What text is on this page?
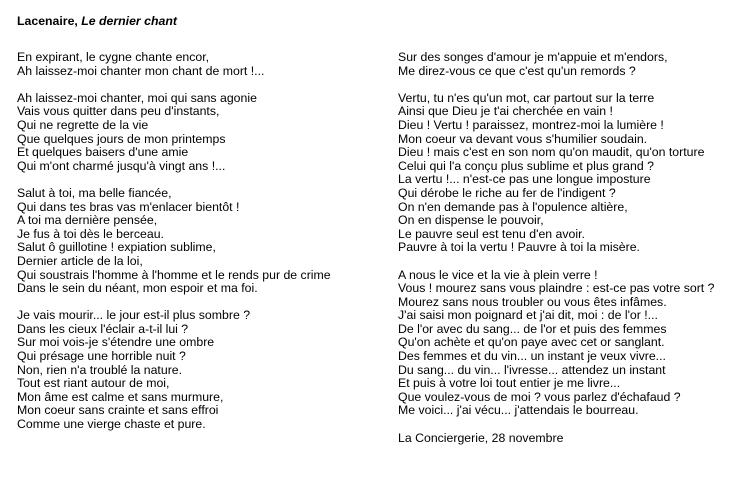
Lacenaire, Le dernier chant
En expirant, le cygne chante encor,
Ah laissez-moi chanter mon chant de mort !...
Ah laissez-moi chanter, moi qui sans agonie
Vais vous quitter dans peu d'instants,
Qui ne regrette de la vie
Que quelques jours de mon printemps
Et quelques baisers d'une amie
Qui m'ont charmé jusqu'à vingt ans !...
Salut à toi, ma belle fiancée,
Qui dans tes bras vas m'enlacer bientôt !
A toi ma dernière pensée,
Je fus à toi dès le berceau.
Salut ô guillotine ! expiation sublime,
Dernier article de la loi,
Qui soustrais l'homme à l'homme et le rends pur de crime
Dans le sein du néant, mon espoir et ma foi.
Je vais mourir... le jour est-il plus sombre ?
Dans les cieux l'éclair a-t-il lui ?
Sur moi vois-je s'étendre une ombre
Qui présage une horrible nuit ?
Non, rien n'a troublé la nature.
Tout est riant autour de moi,
Mon âme est calme et sans murmure,
Mon coeur sans crainte et sans effroi
Comme une vierge chaste et pure.
Sur des songes d'amour je m'appuie et m'endors,
Me direz-vous ce que c'est qu'un remords ?
Vertu, tu n'es qu'un mot, car partout sur la terre
Ainsi que Dieu je t'ai cherchée en vain !
Dieu ! Vertu ! paraissez, montrez-moi la lumière !
Mon coeur va devant vous s'humilier soudain.
Dieu ! mais c'est en son nom qu'on maudit, qu'on torture
Celui qui l'a conçu plus sublime et plus grand ?
La vertu !... n'est-ce pas une longue imposture
Qui dérobe le riche au fer de l'indigent ?
On n'en demande pas à l'opulence altière,
On en dispense le pouvoir,
Le pauvre seul est tenu d'en avoir.
Pauvre à toi la vertu ! Pauvre à toi la misère.
A nous le vice et la vie à plein verre !
Vous ! mourez sans vous plaindre : est-ce pas votre sort ?
Mourez sans nous troubler ou vous êtes infâmes.
J'ai saisi mon poignard et j'ai dit, moi : de l'or !...
De l'or avec du sang... de l'or et puis des femmes
Qu'on achète et qu'on paye avec cet or sanglant.
Des femmes et du vin... un instant je veux vivre...
Du sang... du vin... l'ivresse... attendez un instant
Et puis à votre loi tout entier je me livre...
Que voulez-vous de moi ? vous parlez d'échafaud ?
Me voici... j'ai vécu... j'attendais le bourreau.
La Conciergerie, 28 novembre
